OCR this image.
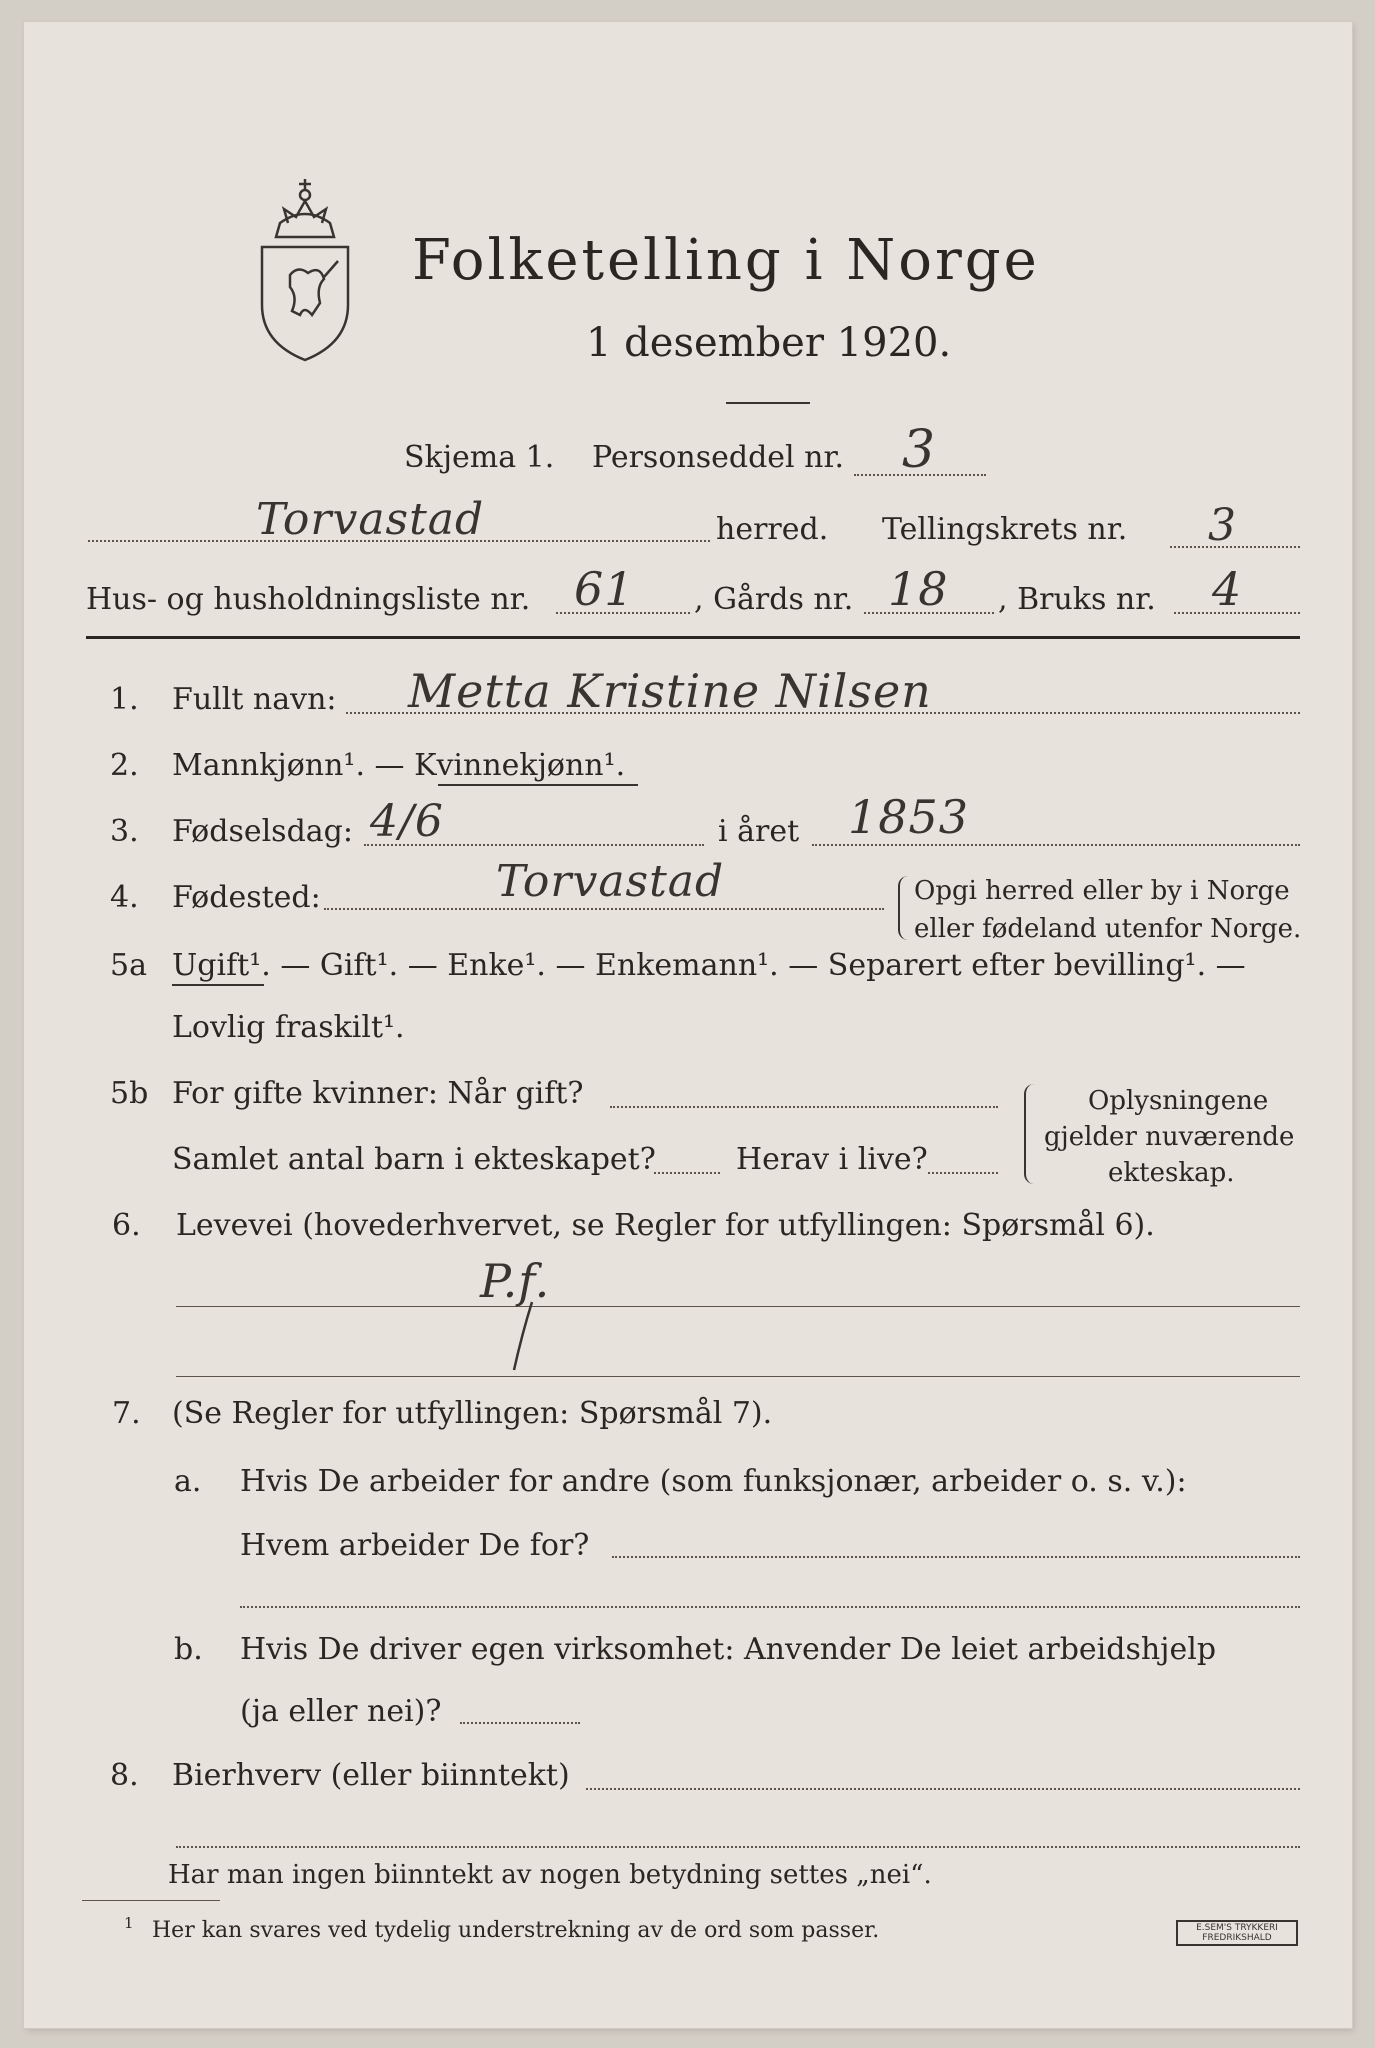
Folketelling i Norge
1 desember 1920.
Skjema 1. Personseddel nr. 3
Torvastad	herred. Tellingskrets nr. 3
Hus- og husholdningsliste nr. 61 , Gårds nr. 18 , Bruks nr. 4
1. Fullt navn: Metta Kristine Nilsen
2. Mannkjønn¹. — Kvinnekjønn¹.
3. Fødselsdag: 4/6	i året 1853
4. Fødested:	Torvastad	Opgi herred eller by i Norge
eller fødeland utenfor Norge.
5a Ugift¹. — Gift¹. — Enke¹. — Enkemann¹. — Separert efter bevilling¹. —
Lovlig fraskilt¹.
5b For gifte kvinner: Når gift?
Samlet antal barn i ekteskapet?	Herav i live?
Oplysningene
gjelder nuværende
ekteskap.
6. Levevei (hovederhvervet, se Regler for utfyllingen: Spørsmål 6).
P.f.
7. (Se Regler for utfyllingen: Spørsmål 7).
a. Hvis De arbeider for andre (som funksjonær, arbeider o. s. v.):
Hvem arbeider De for?
b. Hvis De driver egen virksomhet: Anvender De leiet arbeidshjelp
(ja eller nei)?
8. Bierhverv (eller biinntekt)
Har man ingen biinntekt av nogen betydning settes „nei“.
1 Her kan svares ved tydelig understrekning av de ord som passer.	E.SEM'S TRYKKERI
FREDRIKSHALD
